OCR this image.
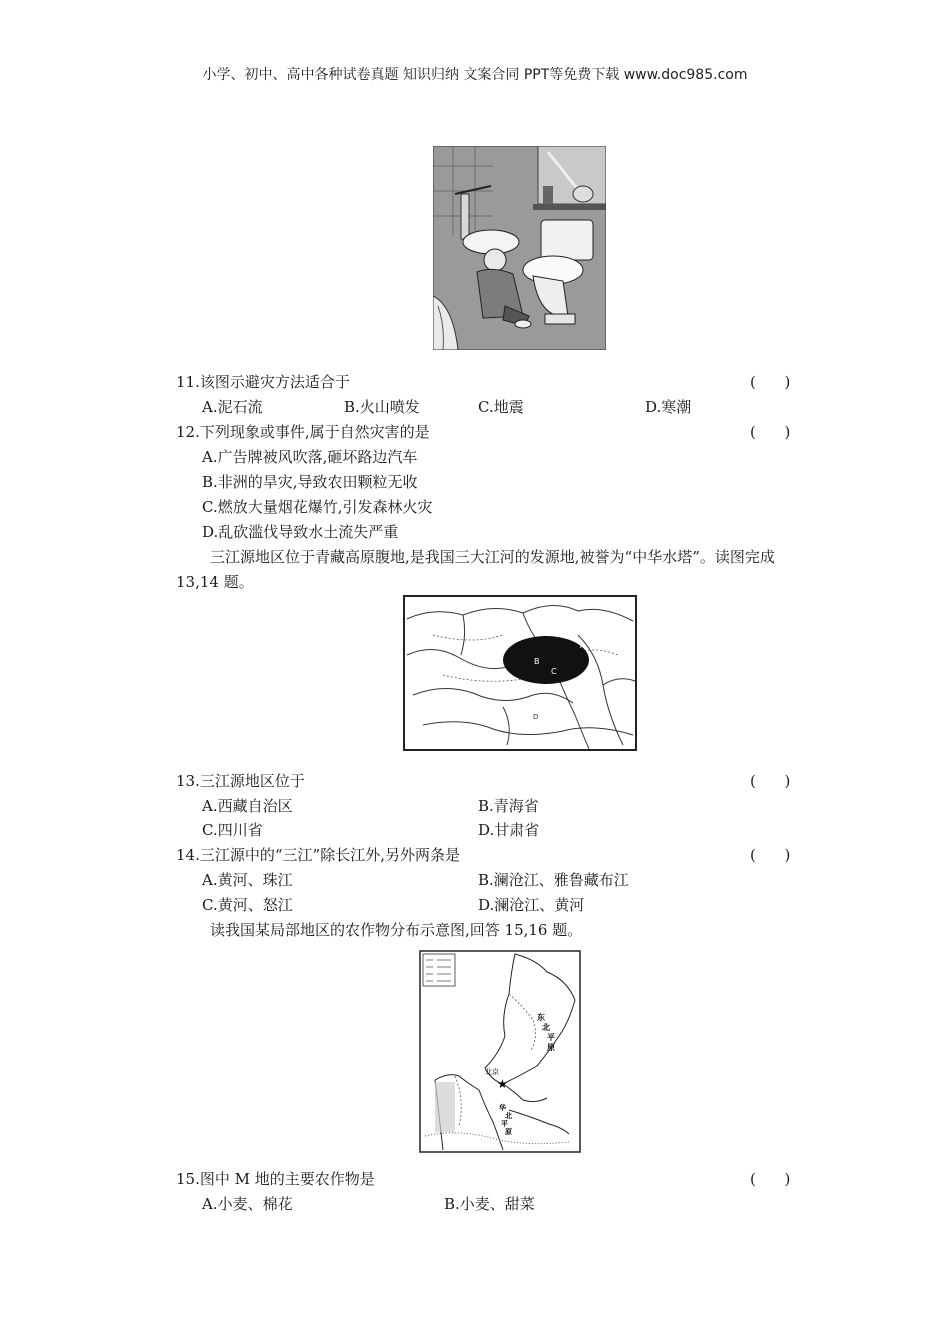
小学、初中、高中各种试卷真题 知识归纳 文案合同 PPT等免费下载 www.doc985.com
11.该图示避灾方法适合于	(      )
A.泥石流	B.火山喷发	C.地震	D.寒潮
12.下列现象或事件,属于自然灾害的是	(      )
A.广告牌被风吹落,砸坏路边汽车
B.非洲的旱灾,导致农田颗粒无收
C.燃放大量烟花爆竹,引发森林火灾
D.乱砍滥伐导致水土流失严重
三江源地区位于青藏高原腹地,是我国三大江河的发源地,被誉为“中华水塔”。读图完成
13,14 题。
A
B
C
D
13.三江源地区位于	(      )
A.西藏自治区	B.青海省
C.四川省	D.甘肃省
14.三江源中的“三江”除长江外,另外两条是	(      )
A.黄河、珠江	B.澜沧江、雅鲁藏布江
C.黄河、怒江	D.澜沧江、黄河
读我国某局部地区的农作物分布示意图,回答 15,16 题。
东
北
平
原
北京
★
华
北
平
原
15.图中 M 地的主要农作物是	(      )
A.小麦、棉花	B.小麦、甜菜
